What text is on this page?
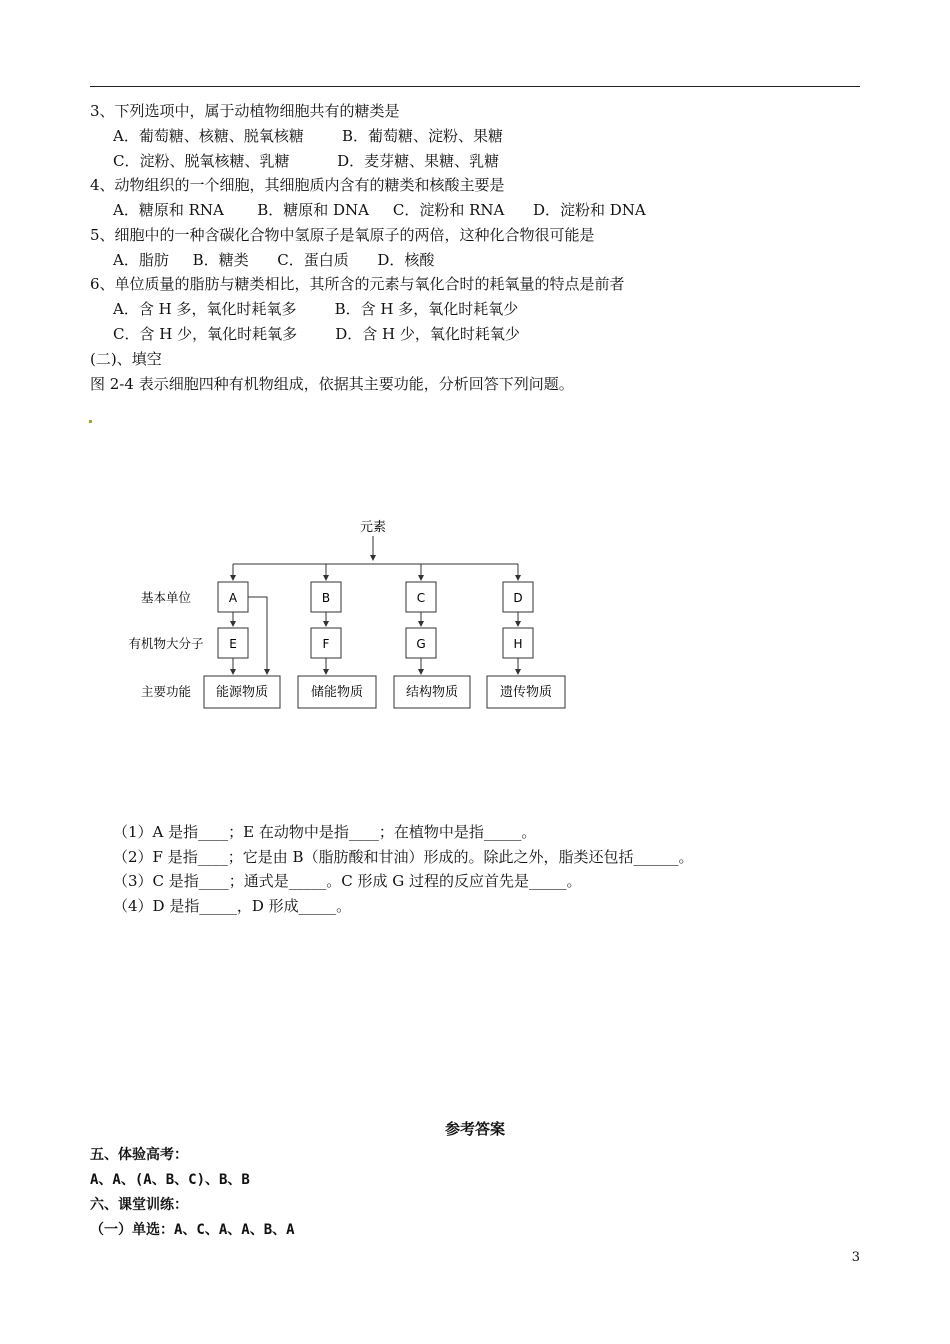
3、下列选项中，属于动植物细胞共有的糖类是
A．葡萄糖、核糖、脱氧核糖        B．葡萄糖、淀粉、果糖
C．淀粉、脱氧核糖、乳糖          D．麦芽糖、果糖、乳糖
4、动物组织的一个细胞，其细胞质内含有的糖类和核酸主要是
A．糖原和 RNA       B．糖原和 DNA     C．淀粉和 RNA      D．淀粉和 DNA
5、细胞中的一种含碳化合物中氢原子是氧原子的两倍，这种化合物很可能是
A．脂肪     B．糖类      C．蛋白质      D．核酸
6、单位质量的脂肪与糖类相比，其所含的元素与氧化合时的耗氧量的特点是前者
A．含 H 多，氧化时耗氧多        B．含 H 多，氧化时耗氧少
C．含 H 少，氧化时耗氧多        D．含 H 少，氧化时耗氧少
(二)、填空
图 2-4 表示细胞四种有机物组成，依据其主要功能，分析回答下列问题。
元素
基本单位
有机物大分子
主要功能
A	B	C	D
E	F	G	H
能源物质	储能物质	结构物质	遗传物质
（1）A 是指____；E 在动物中是指____；在植物中是指_____。
（2）F 是指____；它是由 B（脂肪酸和甘油）形成的。除此之外，脂类还包括______。
（3）C 是指____；通式是_____。C 形成 G 过程的反应首先是_____。
（4）D 是指_____，D 形成_____。
参考答案
五、体验高考：
A、A、(A、B、C)、B、B
六、课堂训练：
（一）单选：A、C、A、A、B、A
3
